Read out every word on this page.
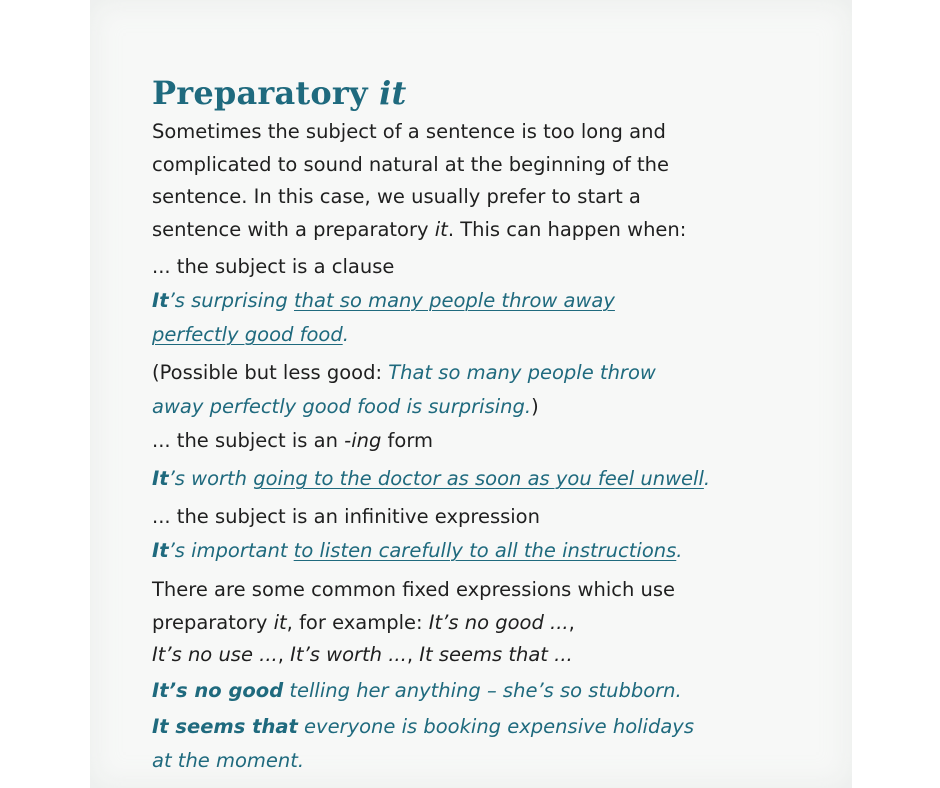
Preparatory it

Sometimes the subject of a sentence is too long and

complicated to sound natural at the beginning of the

sentence. In this case, we usually prefer to start a

sentence with a preparatory it. This can happen when:

... the subject is a clause

It’s surprising that so many people throw away

perfectly good food.

(Possible but less good: That so many people throw

away perfectly good food is surprising.)

... the subject is an -ing form

It’s worth going to the doctor as soon as you feel unwell.

... the subject is an infinitive expression

It’s important to listen carefully to all the instructions.

There are some common fixed expressions which use

preparatory it, for example: It’s no good ...,

It’s no use ..., It’s worth ..., It seems that ...

It’s no good telling her anything – she’s so stubborn.

It seems that everyone is booking expensive holidays

at the moment.
